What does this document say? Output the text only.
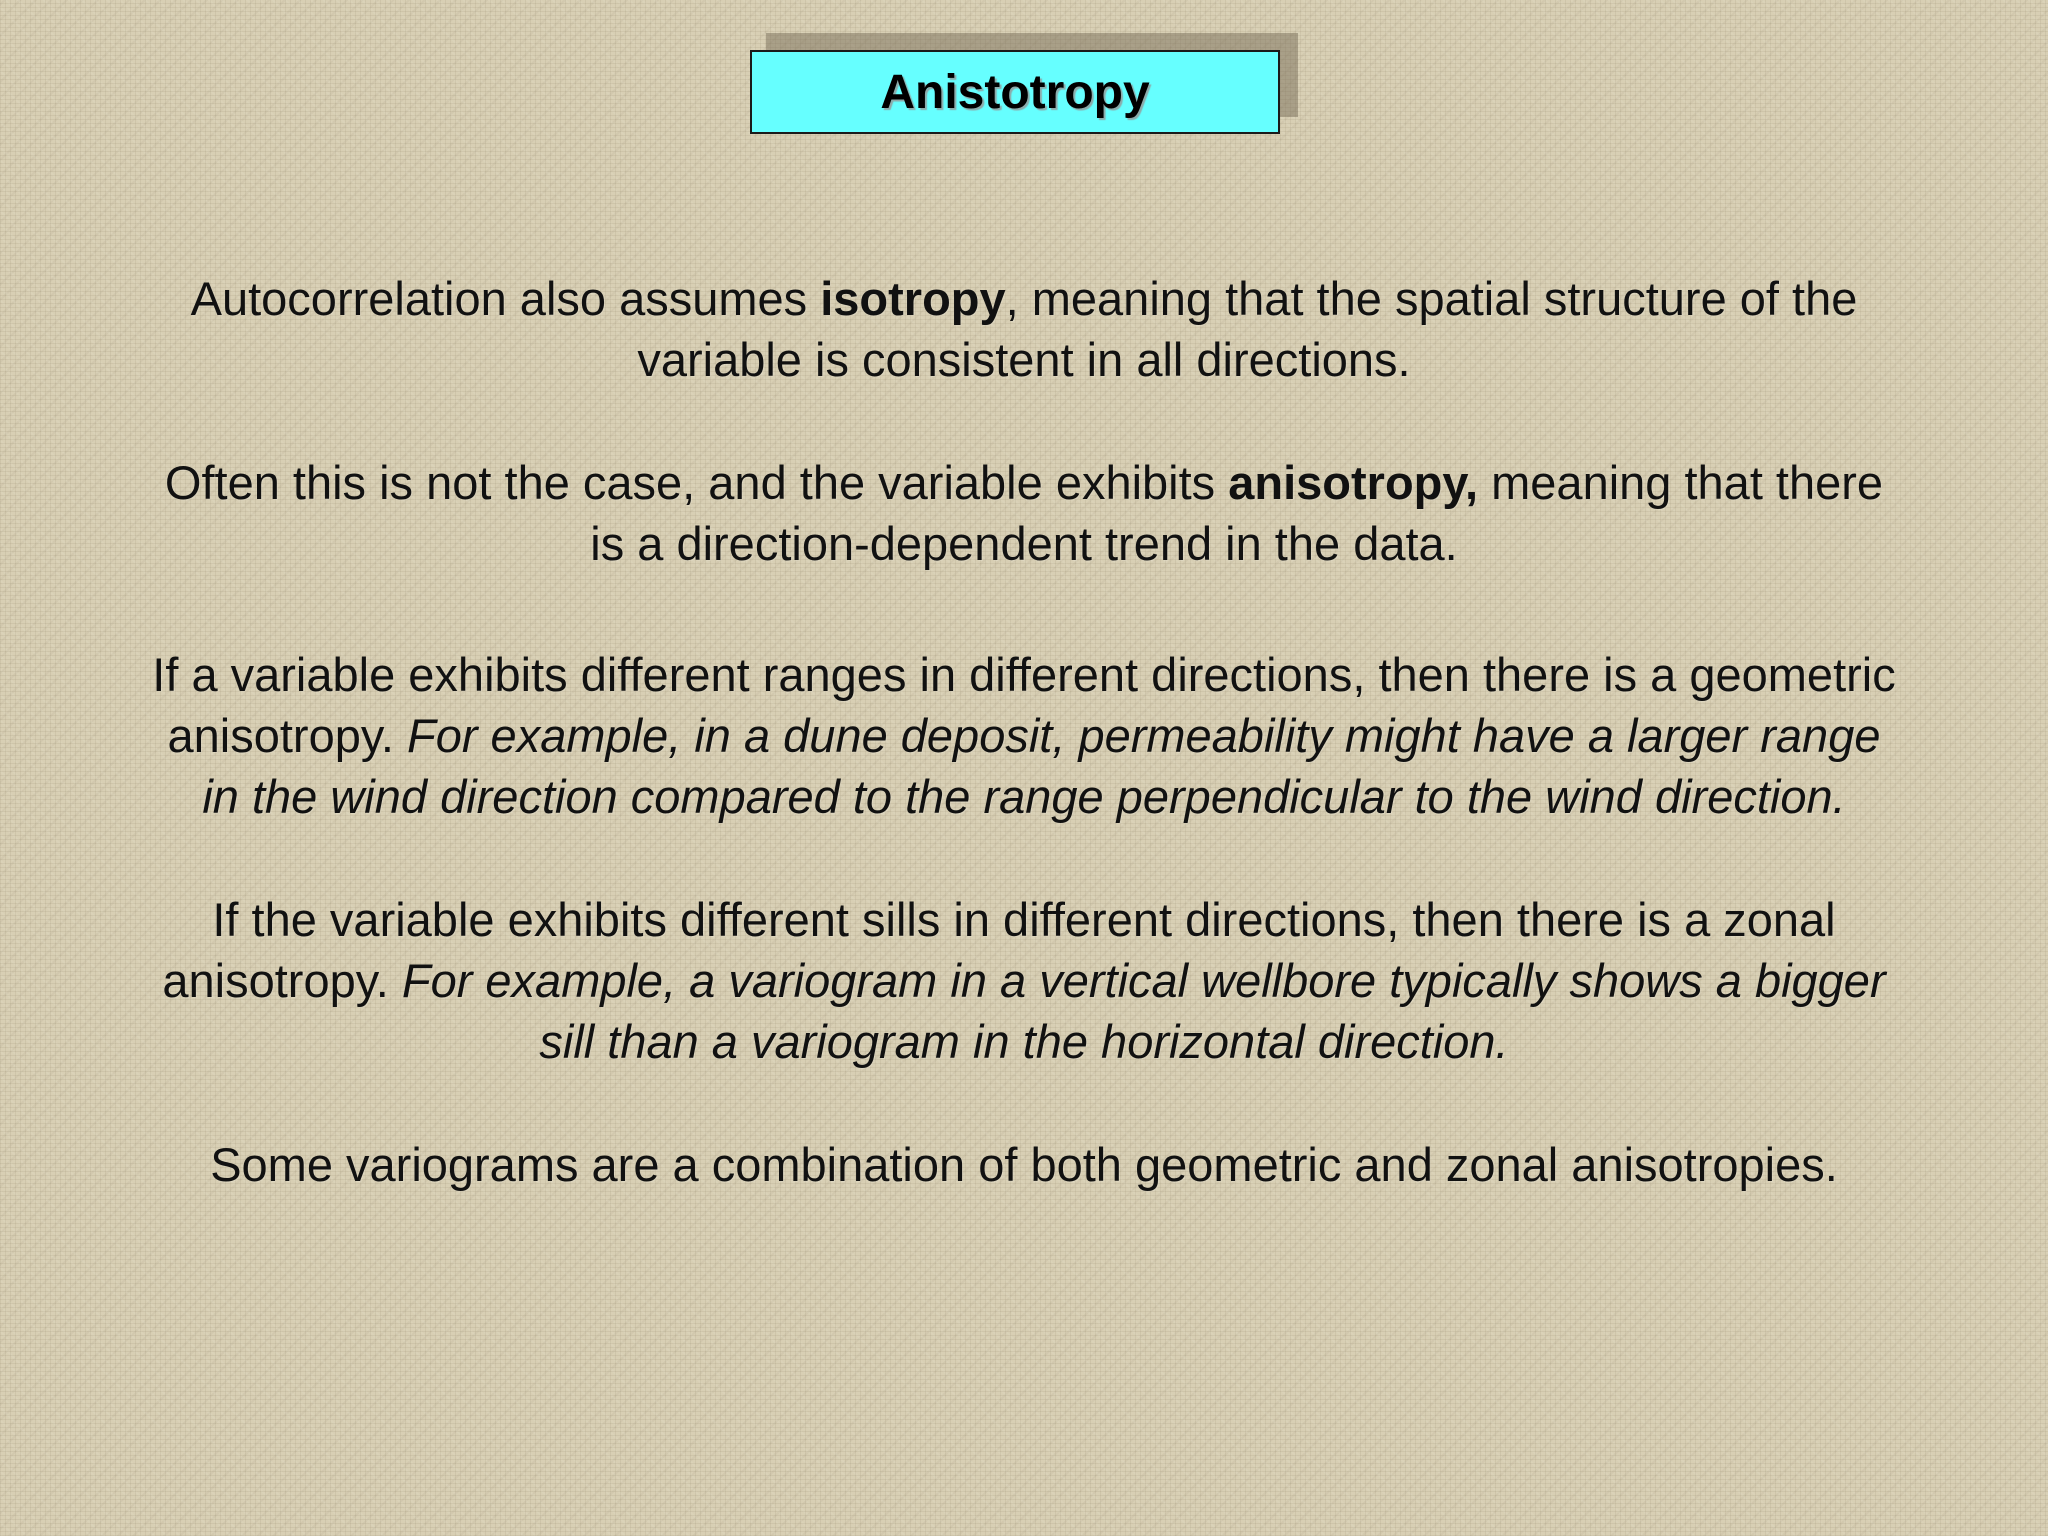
Anistotropy
Autocorrelation also assumes isotropy, meaning that the spatial structure of the
variable is consistent in all directions.
Often this is not the case, and the variable exhibits anisotropy, meaning that there
is a direction-dependent trend in the data.
If a variable exhibits different ranges in different directions, then there is a geometric
anisotropy. For example, in a dune deposit, permeability might have a larger range
in the wind direction compared to the range perpendicular to the wind direction.
If the variable exhibits different sills in different directions, then there is a zonal
anisotropy. For example, a variogram in a vertical wellbore typically shows a bigger
sill than a variogram in the horizontal direction.
Some variograms are a combination of both geometric and zonal anisotropies.
